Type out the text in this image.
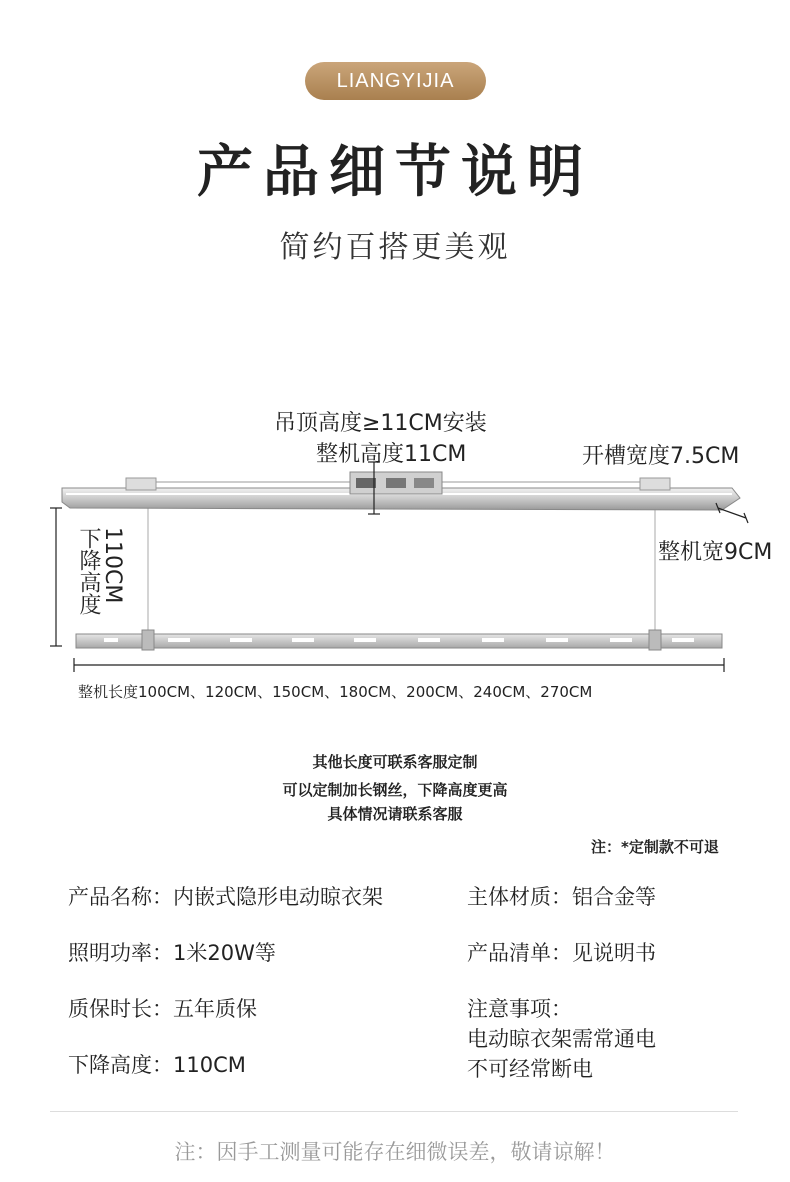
LIANGYIJIA
产品细节说明
简约百搭更美观
吊顶高度≥11CM安装
整机高度11CM	开槽宽度7.5CM
整机宽9CM
110CM
下降高度
整机长度100CM、120CM、150CM、180CM、200CM、240CM、270CM
其他长度可联系客服定制
可以定制加长钢丝，下降高度更高
具体情况请联系客服
注：*定制款不可退
产品名称：内嵌式隐形电动晾衣架	主体材质：铝合金等
照明功率：1米20W等	产品清单：见说明书
质保时长：五年质保	注意事项：
电动晾衣架需常通电
不可经常断电
下降高度：110CM
注：因手工测量可能存在细微误差，敬请谅解！
